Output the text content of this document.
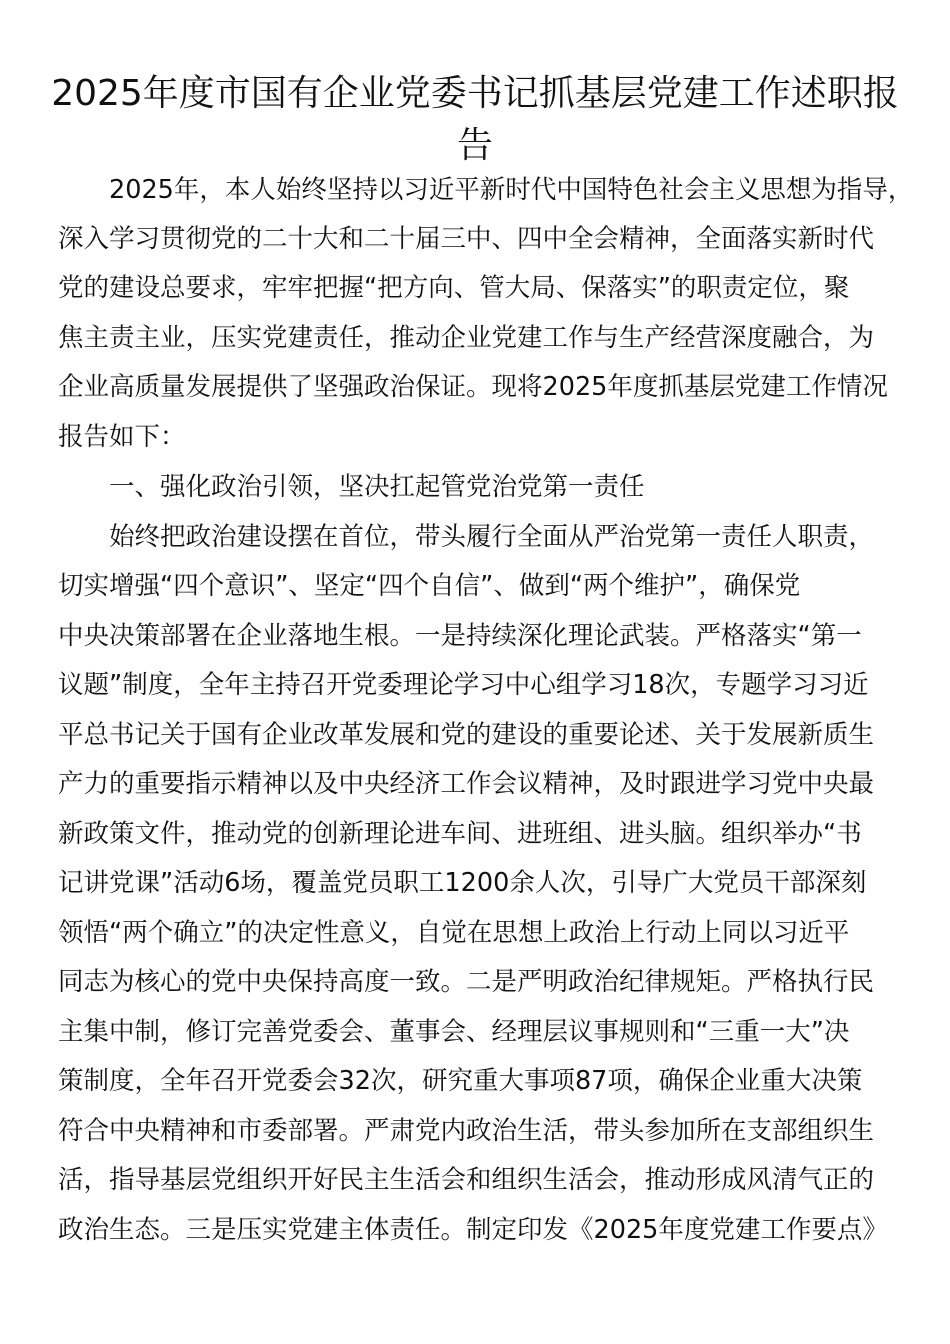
2025年度市国有企业党委书记抓基层党建工作述职报
告
　　2025年，本人始终坚持以习近平新时代中国特色社会主义思想为指导，
深入学习贯彻党的二十大和二十届三中、四中全会精神，全面落实新时代
党的建设总要求，牢牢把握“把方向、管大局、保落实”的职责定位，聚
焦主责主业，压实党建责任，推动企业党建工作与生产经营深度融合，为
企业高质量发展提供了坚强政治保证。现将2025年度抓基层党建工作情况
报告如下：
　　一、强化政治引领，坚决扛起管党治党第一责任
　　始终把政治建设摆在首位，带头履行全面从严治党第一责任人职责，
切实增强“四个意识”、坚定“四个自信”、做到“两个维护”，确保党
中央决策部署在企业落地生根。一是持续深化理论武装。严格落实“第一
议题”制度，全年主持召开党委理论学习中心组学习18次，专题学习习近
平总书记关于国有企业改革发展和党的建设的重要论述、关于发展新质生
产力的重要指示精神以及中央经济工作会议精神，及时跟进学习党中央最
新政策文件，推动党的创新理论进车间、进班组、进头脑。组织举办“书
记讲党课”活动6场，覆盖党员职工1200余人次，引导广大党员干部深刻
领悟“两个确立”的决定性意义，自觉在思想上政治上行动上同以习近平
同志为核心的党中央保持高度一致。二是严明政治纪律规矩。严格执行民
主集中制，修订完善党委会、董事会、经理层议事规则和“三重一大”决
策制度，全年召开党委会32次，研究重大事项87项，确保企业重大决策
符合中央精神和市委部署。严肃党内政治生活，带头参加所在支部组织生
活，指导基层党组织开好民主生活会和组织生活会，推动形成风清气正的
政治生态。三是压实党建主体责任。制定印发《2025年度党建工作要点》
